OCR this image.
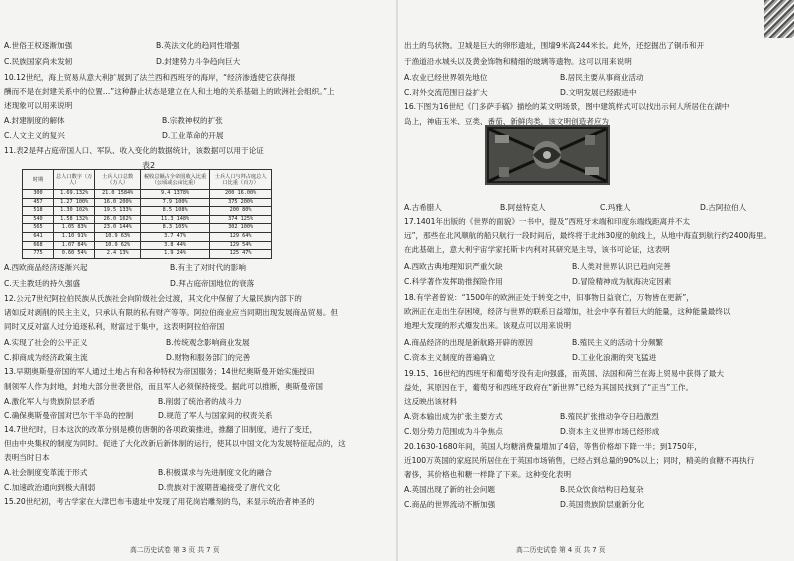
表2
时期	总人口数字（万人）	士兵人口总数（万人）	税收总额占全帝国收入比重（公顷或公亩比重）	士兵人口与拜占庭总人口比重（百万）
300	1.69.132%	21.0 1584%	9.4 1378%	200 16.00%
457	1.27 100%	16.0 200%	7.9 100%	375 200%
518	1.30 102%	19.5 133%	8.5 108%	200 80%
540	1.58 132%	26.0 162%	11.3 148%	374 125%
565	1.05 83%	23.0 144%	8.3 105%	302 100%
641	1.10 91%	10.9 63%	3.7 47%	129 64%
668	1.07 84%	10.9 62%	3.8 44%	129 54%
775	0.60 54%	2.4 13%	1.9 24%	125 47%
高二历史试卷 第 3 页 共 7 页
A.世俗王权逐渐加强
C.民族国家尚未发轫
10.12世纪，海上贸易从意大利扩展到了法兰西和西班牙的海岸，“经济渗透使它获得报
酬而不是在封建关系中的位置…”这种静止状态是建立在人和土地的关系基础上的欧洲社会组织。”上
述现象可以用来说明
A.封建制度的解体
C.人文主义的复兴
11.表2是拜占庭帝国人口、军队、收入变化的数据统计，该数据可以用于论证
A.西欧商品经济逐渐兴起
C.天主教廷的持久强盛
12.公元7世纪阿拉伯民族从氏族社会向阶级社会过渡，其文化中保留了大量民族内部下的
诸如反对剥削的民主主义，只承认有限的私有财产等等。阿拉伯商业应当同期出现发展商品贸易。但
同时又反对富人过分追逐私利，财富过于集中，这表明阿拉伯帝国
A.实现了社会的公平正义
C.抑商成为经济政策主流
13.早期奥斯曼帝国的军人通过土地占有和各种特权为帝国服务；14世纪奥斯曼开始实施授田
制领军人作为封地，封地大部分世袭世俗，而且军人必须保持接受。据此可以推断，奥斯曼帝国
A.激化军人与贵族阶层矛盾
C.确保奥斯曼帝国对巴尔干半岛的控制
14.7世纪时，日本这次的改革分别是模仿唐朝的各项政策推进，推翻了旧制度，进行了变迁，
但由中央集权的制度为同时。促进了大化改新后新体制的运行，使其以中国文化为发展特征起点的，这
表明当时日本
A.社会制度变革流于形式
C.加速政治通向到极大削弱
15.20世纪初，考古学家在大津巴布韦遗址中发现了用花岗岩雕刻的鸟，来显示统治者神圣的
B.英法文化的趋同性增强
D.封建势力斗争趋向巨大
B.宗教神权的扩张
D.工业革命的开展
B.有主了对时代的影响
D.拜占庭帝国地位的衰落
B.传统观念影响商业发展
D.财物和服务部门的完善
B.削弱了统治者的战斗力
D.规范了军人与国家间的权责关系
B.积极谋求与先进制度文化的融合
D.贵族对于渡期普遍接受了唐代文化
高二历史试卷 第 4 页 共 7 页
出土的鸟状物。卫城是巨大的卵形遗址，围墙9米高244米长。此外，还挖掘出了铜币和开
于渔道沿水城头以及黄金饰物和精细的玻璃等遗物。这可以用来说明
A.农业已经世界领先地位
C.对外交流范围日益扩大
16.下图为16世纪《门多萨手稿》描绘的某文明场景，图中建筑样式可以找出示何人所居住在湖中
岛上，神庙玉米、豆类、番茄、新鲜肉类，该文明创造者应为
A.古希腊人
17.1401年出版的《世界的面貌》一书中，提及“西班牙末端和印度东端线距离并不太
远”，那些在北风顺航的船只航行一段时间后，最终将于北纬30度的航线上，从地中海直到航行约2400海里。
在此基础上，意大利宇宙学家托斯卡内利对其研究是主导，该书可论证，这表明
A.西欧古典地理知识严重欠缺
C.科学著作发挥助推探险作用
18.有学者曾说：“1500年的欧洲正处于转变之中，旧事物日益衰亡，万物皆在更新”，
欧洲正在走出生存困境，经济与世界的联系日益增加，社会中享有着巨大的能量，这种能量最终以
地理大发现的形式爆发出来。该观点可以用来说明
A.商品经济的出现是新航路开辟的原因
C.资本主义制度的普遍确立
19.15、16世纪的西班牙和葡萄牙没有走向强盛，而英国、法国和荷兰在海上贸易中获得了最大
益处，其原因在于，葡萄牙和西班牙政府在“新世界”已经为其国民找到了“正当”工作。
这反映出该材料
A.资本输出成为扩张主要方式
C.划分势力范围成为斗争焦点
20.1630-1680年间，英国人均糖消费量增加了4倍，等售价格却下降一半；到1750年，
近100万英国的家庭民所居住在于英国市场销售，已经占到总量的90%以上；同时，精美的食糖不再执行
奢侈，其价格也和糖一样降了下来。这种变化表明
A.英国出现了新的社会问题
C.商品的世界流动不断加强
B.居民主要从事商业活动
D.文明发展已经跟进中
B.阿兹特克人	C.玛雅人	D.古阿拉伯人
B.人类对世界认识已趋向完善
D.冒险精神成为航海决定因素
B.殖民主义的活动十分频繁
D.工业化浪潮的突飞猛进
B.殖民扩张推动争夺日趋激烈
D.资本主义世界市场已经形成
B.民众饮食结构日趋复杂
D.英国贵族阶层重新分化
